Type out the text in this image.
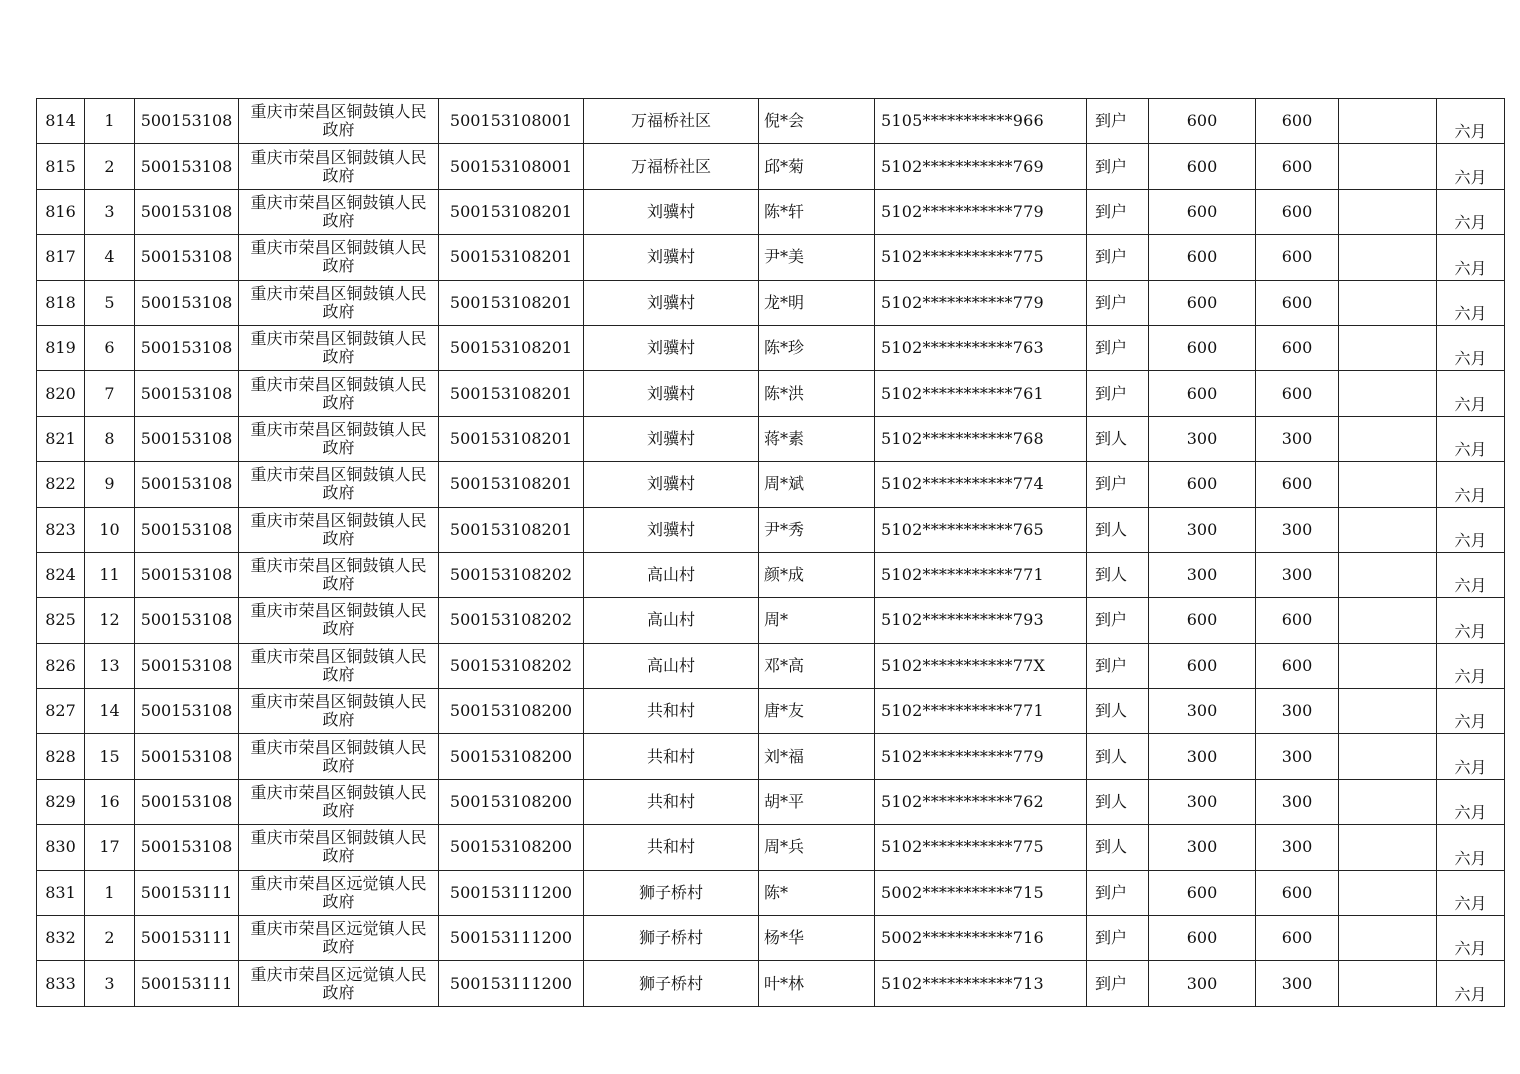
814	1	500153108	重庆市荣昌区铜鼓镇人民
政府	500153108001	万福桥社区	倪*会	5105***********966	到户	600	600		六月
815	2	500153108	重庆市荣昌区铜鼓镇人民
政府	500153108001	万福桥社区	邱*菊	5102***********769	到户	600	600		六月
816	3	500153108	重庆市荣昌区铜鼓镇人民
政府	500153108201	刘骥村	陈*轩	5102***********779	到户	600	600		六月
817	4	500153108	重庆市荣昌区铜鼓镇人民
政府	500153108201	刘骥村	尹*美	5102***********775	到户	600	600		六月
818	5	500153108	重庆市荣昌区铜鼓镇人民
政府	500153108201	刘骥村	龙*明	5102***********779	到户	600	600		六月
819	6	500153108	重庆市荣昌区铜鼓镇人民
政府	500153108201	刘骥村	陈*珍	5102***********763	到户	600	600		六月
820	7	500153108	重庆市荣昌区铜鼓镇人民
政府	500153108201	刘骥村	陈*洪	5102***********761	到户	600	600		六月
821	8	500153108	重庆市荣昌区铜鼓镇人民
政府	500153108201	刘骥村	蒋*素	5102***********768	到人	300	300		六月
822	9	500153108	重庆市荣昌区铜鼓镇人民
政府	500153108201	刘骥村	周*斌	5102***********774	到户	600	600		六月
823	10	500153108	重庆市荣昌区铜鼓镇人民
政府	500153108201	刘骥村	尹*秀	5102***********765	到人	300	300		六月
824	11	500153108	重庆市荣昌区铜鼓镇人民
政府	500153108202	高山村	颜*成	5102***********771	到人	300	300		六月
825	12	500153108	重庆市荣昌区铜鼓镇人民
政府	500153108202	高山村	周*	5102***********793	到户	600	600		六月
826	13	500153108	重庆市荣昌区铜鼓镇人民
政府	500153108202	高山村	邓*高	5102***********77X	到户	600	600		六月
827	14	500153108	重庆市荣昌区铜鼓镇人民
政府	500153108200	共和村	唐*友	5102***********771	到人	300	300		六月
828	15	500153108	重庆市荣昌区铜鼓镇人民
政府	500153108200	共和村	刘*福	5102***********779	到人	300	300		六月
829	16	500153108	重庆市荣昌区铜鼓镇人民
政府	500153108200	共和村	胡*平	5102***********762	到人	300	300		六月
830	17	500153108	重庆市荣昌区铜鼓镇人民
政府	500153108200	共和村	周*兵	5102***********775	到人	300	300		六月
831	1	500153111	重庆市荣昌区远觉镇人民
政府	500153111200	狮子桥村	陈*	5002***********715	到户	600	600		六月
832	2	500153111	重庆市荣昌区远觉镇人民
政府	500153111200	狮子桥村	杨*华	5002***********716	到户	600	600		六月
833	3	500153111	重庆市荣昌区远觉镇人民
政府	500153111200	狮子桥村	叶*林	5102***********713	到户	300	300		六月
